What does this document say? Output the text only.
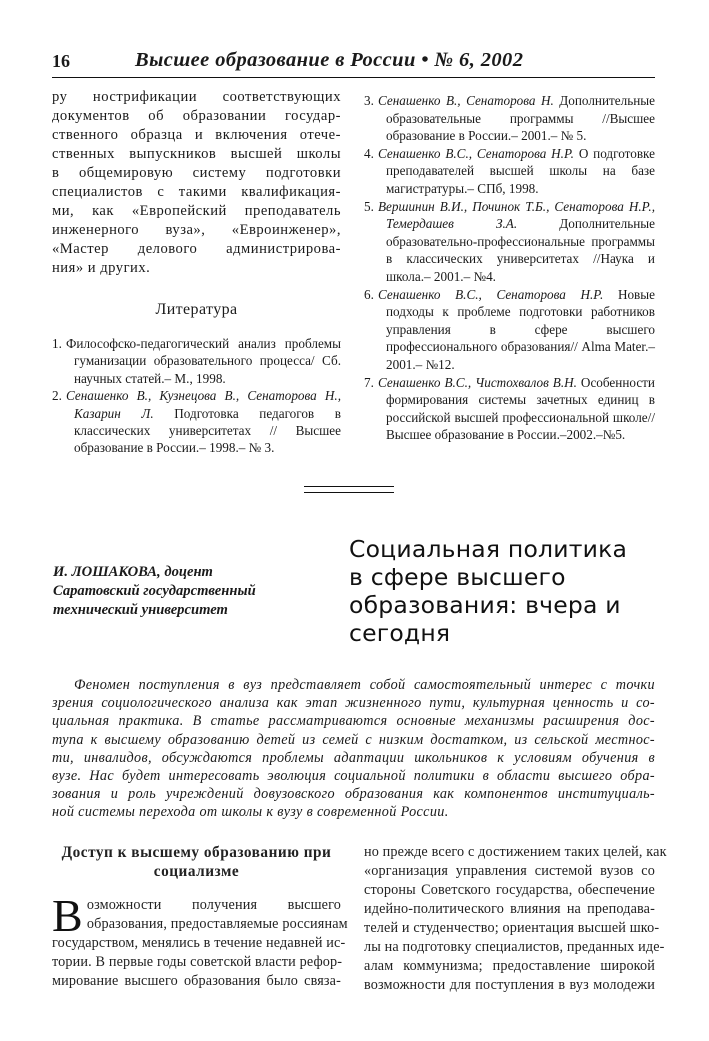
16	Высшее образование в России • № 6, 2002
ру нострификации соответствующих
документов об образовании государ-
ственного образца и включения отече-
ственных выпускников высшей школы
в общемировую систему подготовки
специалистов с такими квалификация-
ми, как «Европейский преподаватель
инженерного вуза», «Евроинженер»,
«Мастер делового администрирова-
ния» и других.
Литература

1. Философско-педагогический анализ проблемы гуманизации образовательного процесса/ Сб. научных статей.– М., 1998.

2. Сенашенко В., Кузнецова В., Сенаторова Н., Казарин Л. Подготовка педагогов в классических университетах // Высшее образование в России.– 1998.– № 3.

3. Сенашенко В., Сенаторова Н. Дополнительные образовательные программы //Высшее образование в России.– 2001.– № 5.

4. Сенашенко В.С., Сенаторова Н.Р. О подготовке преподавателей высшей школы на базе магистратуры.– СПб, 1998.

5. Вершинин В.И., Починок Т.Б., Сенаторова Н.Р., Темердашев З.А. Дополнительные образовательно-профессиональные программы в классических университетах //Наука и школа.– 2001.– №4.

6. Сенашенко В.С., Сенаторова Н.Р. Новые подходы к проблеме подготовки работников управления в сфере высшего профессионального образования// Alma Mater.– 2001.– №12.

7. Сенашенко В.С., Чистохвалов В.Н. Особенности формирования системы зачетных единиц в российской высшей профессиональной школе//Высшее образование в России.–2002.–№5.

И. ЛОШАКОВА, доцент
Саратовский государственный
технический университет
Социальная политика
в сфере высшего
образования: вчера и
сегодня
Феномен поступления в вуз представляет собой самостоятельный интерес с точки
зрения социологического анализа как этап жизненного пути, культурная ценность и со-
циальная практика. В статье рассматриваются основные механизмы расширения дос-
тупа к высшему образованию детей из семей с низким достатком, из сельской местнос-
ти, инвалидов, обсуждаются проблемы адаптации школьников к условиям обучения в
вузе. Нас будет интересовать эволюция социальной политики в области высшего обра-
зования и роль учреждений довузовского образования как компонентов институциаль-
ной системы перехода от школы к вузу в современной России.
Доступ к высшему образованию при социализме
В озможности получения высшего
образования, предоставляемые россиянам
государством, менялись в течение недавней ис-
тории. В первые годы советской власти рефор-
мирование высшего образования было связа-
но прежде всего с достижением таких целей, как
«организация управления системой вузов со
стороны Советского государства, обеспечение
идейно-политического влияния на преподава-
телей и студенчество; ориентация высшей шко-
лы на подготовку специалистов, преданных иде-
алам коммунизма; предоставление широкой
возможности для поступления в вуз молодежи
